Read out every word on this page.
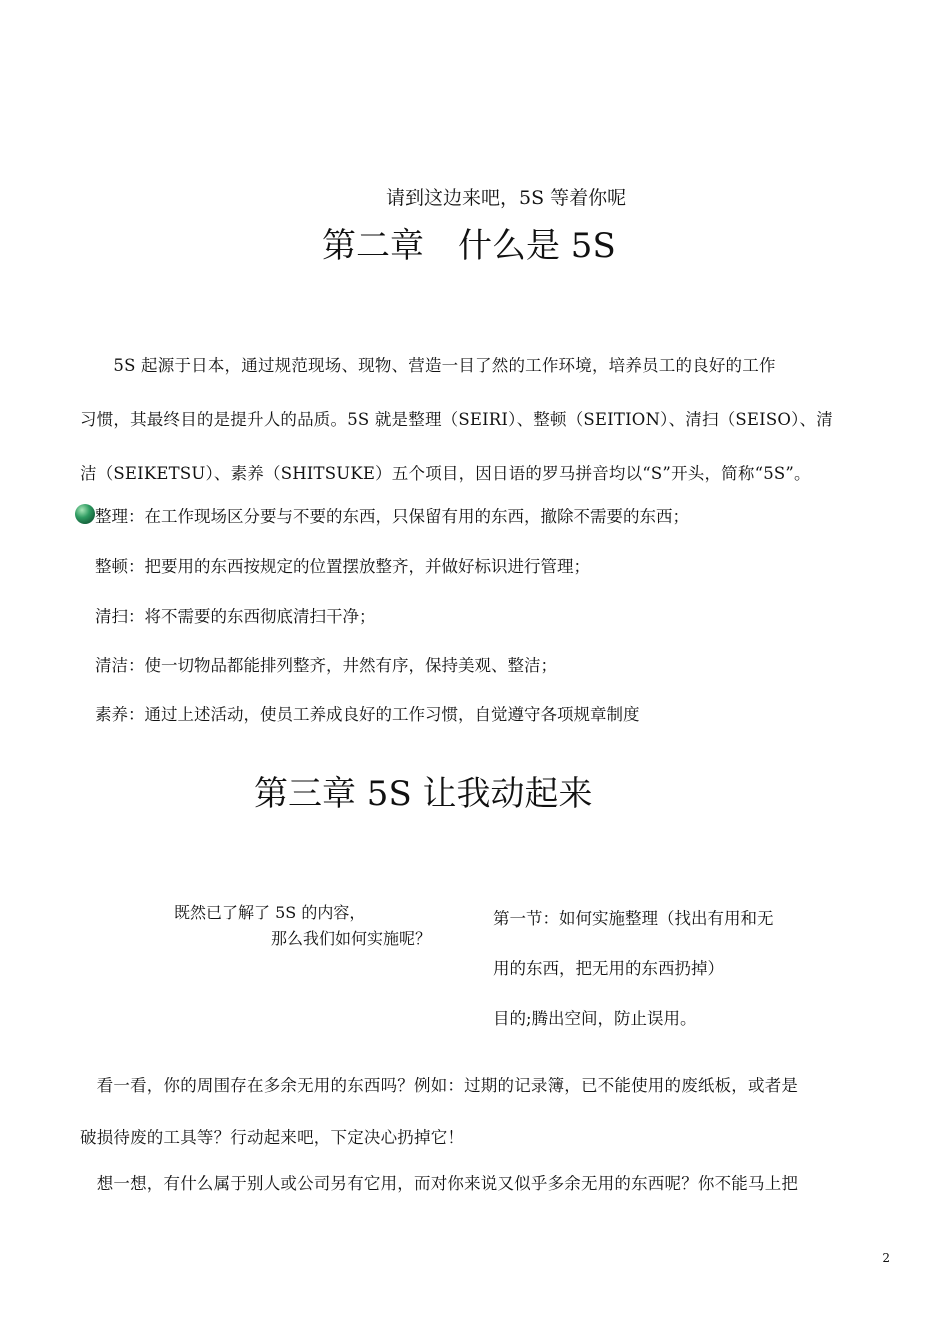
请到这边来吧，5S 等着你呢
第二章　什么是 5S
　　5S 起源于日本，通过规范现场、现物、营造一目了然的工作环境，培养员工的良好的工作
习惯，其最终目的是提升人的品质。5S 就是整理（SEIRI）、整顿（SEITION）、清扫（SEISO）、清
洁（SEIKETSU）、素养（SHITSUKE）五个项目，因日语的罗马拼音均以“S”开头，简称“5S”。
整理：在工作现场区分要与不要的东西，只保留有用的东西，撤除不需要的东西；
整顿：把要用的东西按规定的位置摆放整齐，并做好标识进行管理；
清扫：将不需要的东西彻底清扫干净；
清洁：使一切物品都能排列整齐，井然有序，保持美观、整洁；
素养：通过上述活动，使员工养成良好的工作习惯，自觉遵守各项规章制度
第三章 5S 让我动起来
既然已了解了 5S 的内容，
那么我们如何实施呢？
第一节：如何实施整理（找出有用和无
用的东西，把无用的东西扔掉）
目的;腾出空间，防止误用。
　看一看，你的周围存在多余无用的东西吗？例如：过期的记录簿，已不能使用的废纸板，或者是
破损待废的工具等？行动起来吧，下定决心扔掉它！
　想一想，有什么属于别人或公司另有它用，而对你来说又似乎多余无用的东西呢？你不能马上把
2
